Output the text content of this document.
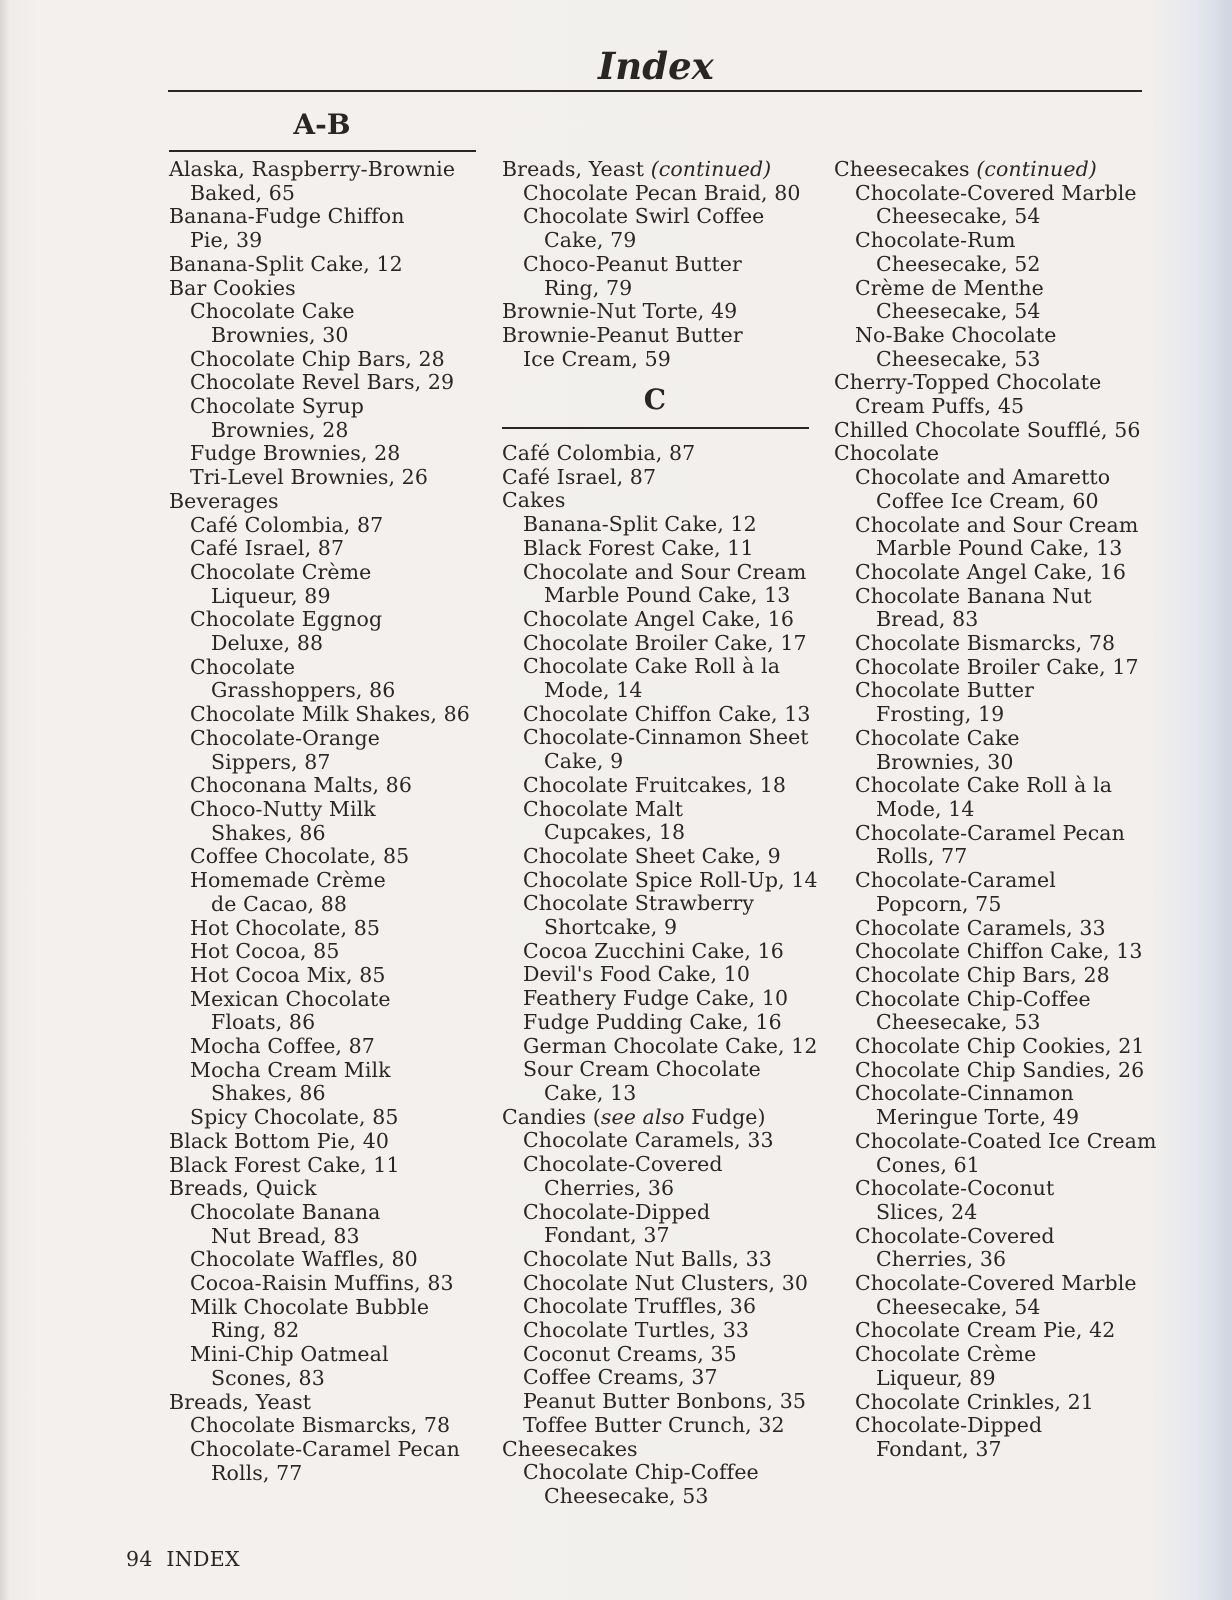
Index
A-B
Alaska, Raspberry-Brownie
Baked, 65
Banana-Fudge Chiffon
Pie, 39
Banana-Split Cake, 12
Bar Cookies
Chocolate Cake
Brownies, 30
Chocolate Chip Bars, 28
Chocolate Revel Bars, 29
Chocolate Syrup
Brownies, 28
Fudge Brownies, 28
Tri-Level Brownies, 26
Beverages
Café Colombia, 87
Café Israel, 87
Chocolate Crème
Liqueur, 89
Chocolate Eggnog
Deluxe, 88
Chocolate
Grasshoppers, 86
Chocolate Milk Shakes, 86
Chocolate-Orange
Sippers, 87
Choconana Malts, 86
Choco-Nutty Milk
Shakes, 86
Coffee Chocolate, 85
Homemade Crème
de Cacao, 88
Hot Chocolate, 85
Hot Cocoa, 85
Hot Cocoa Mix, 85
Mexican Chocolate
Floats, 86
Mocha Coffee, 87
Mocha Cream Milk
Shakes, 86
Spicy Chocolate, 85
Black Bottom Pie, 40
Black Forest Cake, 11
Breads, Quick
Chocolate Banana
Nut Bread, 83
Chocolate Waffles, 80
Cocoa-Raisin Muffins, 83
Milk Chocolate Bubble
Ring, 82
Mini-Chip Oatmeal
Scones, 83
Breads, Yeast
Chocolate Bismarcks, 78
Chocolate-Caramel Pecan
Rolls, 77
Breads, Yeast (continued)
Chocolate Pecan Braid, 80
Chocolate Swirl Coffee
Cake, 79
Choco-Peanut Butter
Ring, 79
Brownie-Nut Torte, 49
Brownie-Peanut Butter
Ice Cream, 59
C
Café Colombia, 87
Café Israel, 87
Cakes
Banana-Split Cake, 12
Black Forest Cake, 11
Chocolate and Sour Cream
Marble Pound Cake, 13
Chocolate Angel Cake, 16
Chocolate Broiler Cake, 17
Chocolate Cake Roll à la
Mode, 14
Chocolate Chiffon Cake, 13
Chocolate-Cinnamon Sheet
Cake, 9
Chocolate Fruitcakes, 18
Chocolate Malt
Cupcakes, 18
Chocolate Sheet Cake, 9
Chocolate Spice Roll-Up, 14
Chocolate Strawberry
Shortcake, 9
Cocoa Zucchini Cake, 16
Devil's Food Cake, 10
Feathery Fudge Cake, 10
Fudge Pudding Cake, 16
German Chocolate Cake, 12
Sour Cream Chocolate
Cake, 13
Candies (see also Fudge)
Chocolate Caramels, 33
Chocolate-Covered
Cherries, 36
Chocolate-Dipped
Fondant, 37
Chocolate Nut Balls, 33
Chocolate Nut Clusters, 30
Chocolate Truffles, 36
Chocolate Turtles, 33
Coconut Creams, 35
Coffee Creams, 37
Peanut Butter Bonbons, 35
Toffee Butter Crunch, 32
Cheesecakes
Chocolate Chip-Coffee
Cheesecake, 53
Cheesecakes (continued)
Chocolate-Covered Marble
Cheesecake, 54
Chocolate-Rum
Cheesecake, 52
Crème de Menthe
Cheesecake, 54
No-Bake Chocolate
Cheesecake, 53
Cherry-Topped Chocolate
Cream Puffs, 45
Chilled Chocolate Soufflé, 56
Chocolate
Chocolate and Amaretto
Coffee Ice Cream, 60
Chocolate and Sour Cream
Marble Pound Cake, 13
Chocolate Angel Cake, 16
Chocolate Banana Nut
Bread, 83
Chocolate Bismarcks, 78
Chocolate Broiler Cake, 17
Chocolate Butter
Frosting, 19
Chocolate Cake
Brownies, 30
Chocolate Cake Roll à la
Mode, 14
Chocolate-Caramel Pecan
Rolls, 77
Chocolate-Caramel
Popcorn, 75
Chocolate Caramels, 33
Chocolate Chiffon Cake, 13
Chocolate Chip Bars, 28
Chocolate Chip-Coffee
Cheesecake, 53
Chocolate Chip Cookies, 21
Chocolate Chip Sandies, 26
Chocolate-Cinnamon
Meringue Torte, 49
Chocolate-Coated Ice Cream
Cones, 61
Chocolate-Coconut
Slices, 24
Chocolate-Covered
Cherries, 36
Chocolate-Covered Marble
Cheesecake, 54
Chocolate Cream Pie, 42
Chocolate Crème
Liqueur, 89
Chocolate Crinkles, 21
Chocolate-Dipped
Fondant, 37
94 INDEX
